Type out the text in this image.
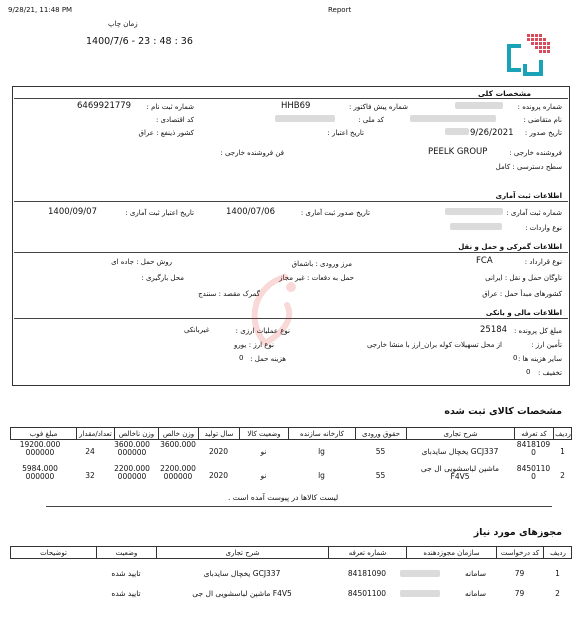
9/28/21, 11:48 PM	Report
زمان چاپ
1400/7/6 - 23 : 48 : 36
مشخصات کلی
شماره پرونده :
شماره پیش فاکتور :
HHB69
شماره ثبت نام :
6469921779
نام متقاضی :
کد ملی :
کد اقتصادی :
تاریخ صدور :
9/26/2021
تاریخ اعتبار :
کشور ذینفع : عراق
فروشنده خارجی :
PEELK GROUP
فن فروشنده خارجی :
سطح دسترسی : کامل
اطلاعات ثبت آماری
شماره ثبت آماری :
تاریخ صدور ثبت آماری :
1400/07/06
تاریخ اعتبار ثبت آماری :
1400/09/07
نوع واردات :
اطلاعات گمرکی و حمل و نقل
نوع قرارداد :
FCA
مرز ورودی : باشماق
روش حمل : جاده ای
ناوگان حمل و نقل : ایرانی
حمل به دفعات : غیر مجاز
محل بارگیری :
کشورهای مبدأ حمل : عراق
گمرک مقصد : سنندج
اطلاعات مالی و بانکی
مبلغ کل پرونده :
25184
نوع عملیات ارزی :
غیربانکی
تأمین ارز :
از محل تسهیلات کوله بران_ارز با منشا خارجی
نوع ارز :
یورو
سایر هزینه ها :
0
هزینه حمل :
0
تخفیف :
0
مشخصات کالای ثبت شده
ردیف
کد تعرفه
شرح تجاری
حقوق ورودی
کارخانه سازنده
وضعیت کالا
سال تولید
وزن خالص
وزن ناخالص
تعداد/مقدار
مبلغ فوب
1
8418109
0
GCJ337 یخچال سایدبای
55
lg
نو
2020
3600.000
3600.000
000000
24
19200.000
000000
2
8450110
0
ماشین لباسشویی ال جی
F4V5
55
lg
نو
2020
2200.000
000000
2200.000
000000
32
5984.000
000000
لیست کالاها در پیوست آمده است .
مجوزهای مورد نیاز
ردیف
کد درخواست
سازمان مجوزدهنده
شماره تعرفه
شرح تجاری
وضعیت
توضیحات
1
79
سامانه
84181090
GCJ337 یخچال سایدبای
تایید شده
2
79
سامانه
84501100
F4V5 ماشین لباسشویی ال جی
تایید شده
